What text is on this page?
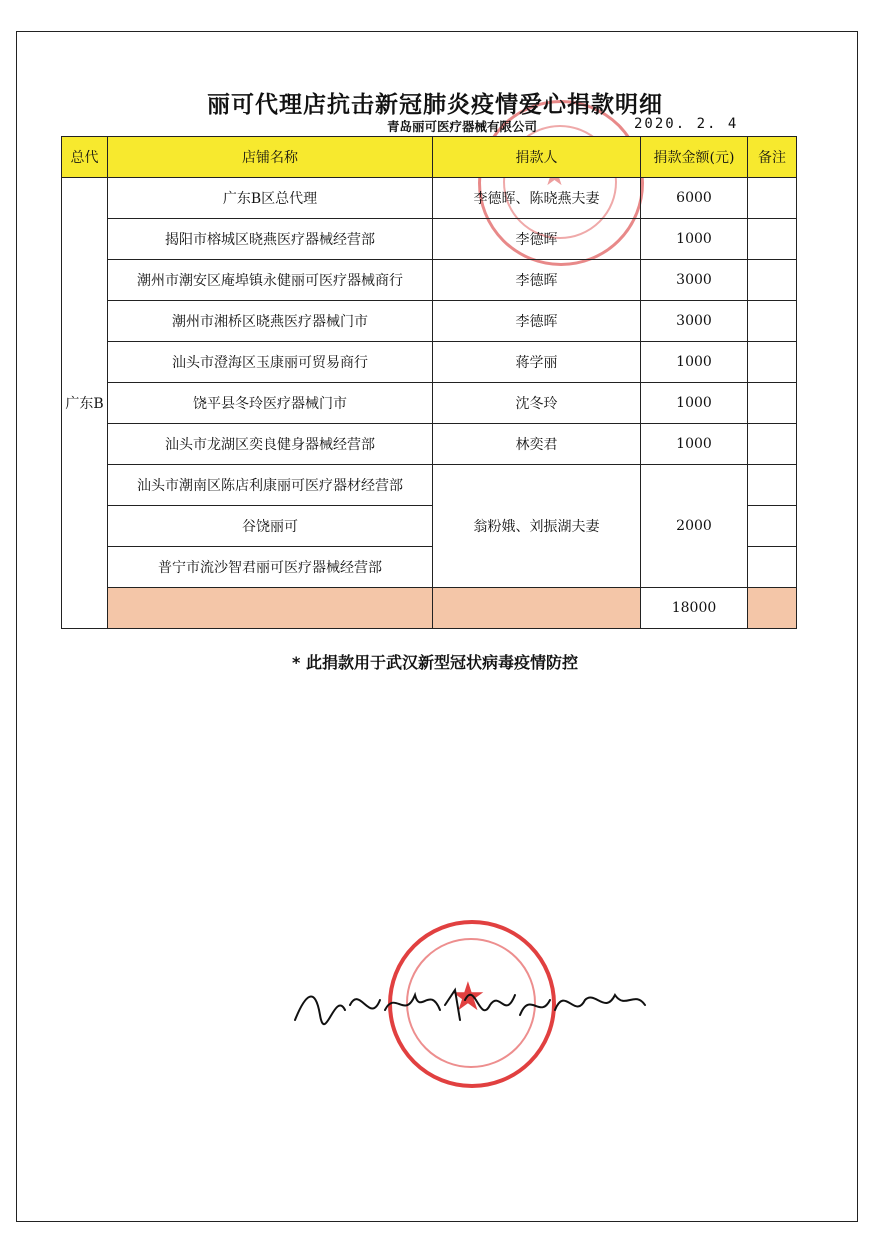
丽可代理店抗击新冠肺炎疫情爱心捐款明细
青岛丽可医疗器械有限公司	2020. 2. 4
总代	店铺名称	捐款人	捐款金额(元)	备注
广东B	广东B区总代理	李德晖、陈晓燕夫妻	6000	
	揭阳市榕城区晓燕医疗器械经营部	李德晖	1000	
	潮州市潮安区庵埠镇永健丽可医疗器械商行	李德晖	3000	
	潮州市湘桥区晓燕医疗器械门市	李德晖	3000	
	汕头市澄海区玉康丽可贸易商行	蒋学丽	1000	
	饶平县冬玲医疗器械门市	沈冬玲	1000	
	汕头市龙湖区奕良健身器械经营部	林奕君	1000	
	汕头市潮南区陈店利康丽可医疗器材经营部	翁粉娥、刘振湖夫妻	2000	
	谷饶丽可			
	普宁市流沙智君丽可医疗器械经营部			
			18000	
* 此捐款用于武汉新型冠状病毒疫情防控
★
